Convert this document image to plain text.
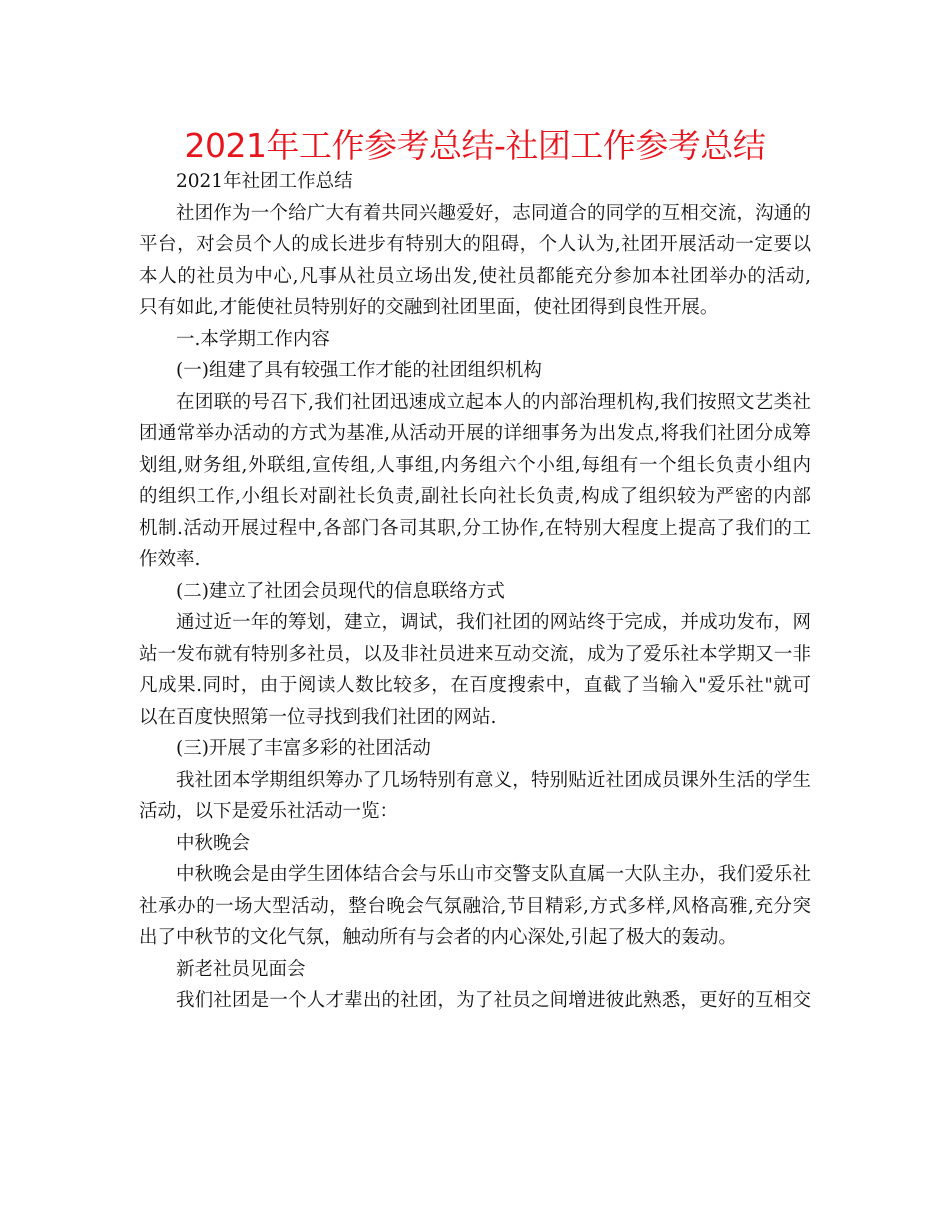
2021年工作参考总结-社团工作参考总结
2021年社团工作总结
社团作为一个给广大有着共同兴趣爱好，志同道合的同学的互相交流，沟通的
平台，对会员个人的成长进步有特别大的阻碍，个人认为,社团开展活动一定要以
本人的社员为中心,凡事从社员立场出发,使社员都能充分参加本社团举办的活动,
只有如此,才能使社员特别好的交融到社团里面，使社团得到良性开展。
一.本学期工作内容
(一)组建了具有较强工作才能的社团组织机构
在团联的号召下,我们社团迅速成立起本人的内部治理机构,我们按照文艺类社
团通常举办活动的方式为基准,从活动开展的详细事务为出发点,将我们社团分成筹
划组,财务组,外联组,宣传组,人事组,内务组六个小组,每组有一个组长负责小组内
的组织工作,小组长对副社长负责,副社长向社长负责,构成了组织较为严密的内部
机制.活动开展过程中,各部门各司其职,分工协作,在特别大程度上提高了我们的工
作效率.
(二)建立了社团会员现代的信息联络方式
通过近一年的筹划，建立，调试，我们社团的网站终于完成，并成功发布，网
站一发布就有特别多社员，以及非社员进来互动交流，成为了爱乐社本学期又一非
凡成果.同时，由于阅读人数比较多，在百度搜索中，直截了当输入"爱乐社"就可
以在百度快照第一位寻找到我们社团的网站.
(三)开展了丰富多彩的社团活动
我社团本学期组织筹办了几场特别有意义，特别贴近社团成员课外生活的学生
活动，以下是爱乐社活动一览：
中秋晚会
中秋晚会是由学生团体结合会与乐山市交警支队直属一大队主办，我们爱乐社
社承办的一场大型活动，整台晚会气氛融洽,节目精彩,方式多样,风格高雅,充分突
出了中秋节的文化气氛，触动所有与会者的内心深处,引起了极大的轰动。
新老社员见面会
我们社团是一个人才辈出的社团，为了社员之间增进彼此熟悉，更好的互相交
